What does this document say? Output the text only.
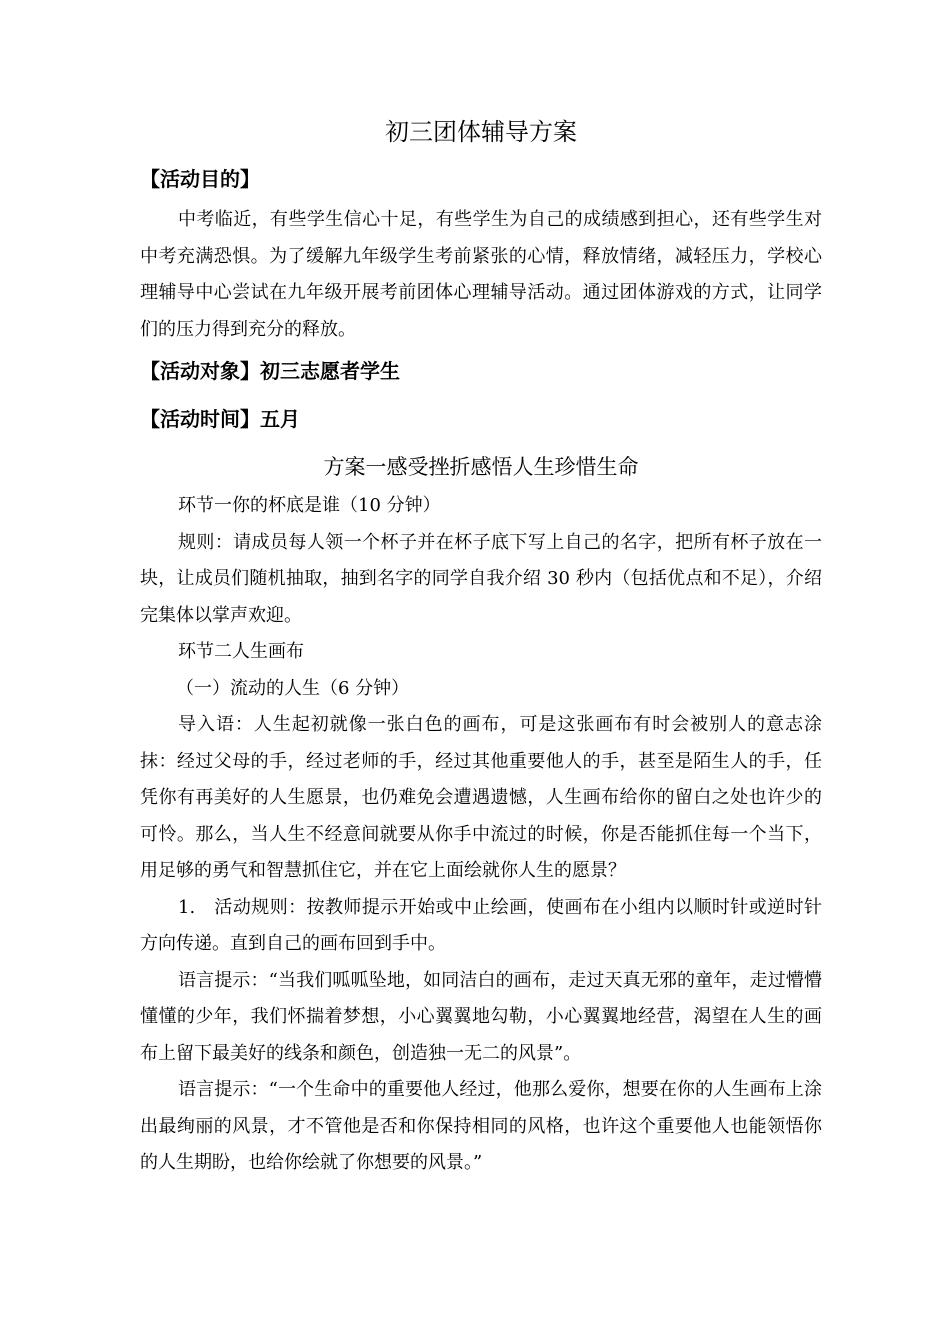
初三团体辅导方案

【活动目的】

中考临近，有些学生信心十足，有些学生为自己的成绩感到担心，还有些学生对中考充满恐惧。为了缓解九年级学生考前紧张的心情，释放情绪，减轻压力，学校心理辅导中心尝试在九年级开展考前团体心理辅导活动。通过团体游戏的方式，让同学们的压力得到充分的释放。

【活动对象】初三志愿者学生

【活动时间】五月

方案一感受挫折感悟人生珍惜生命

环节一你的杯底是谁（10 分钟）

规则：请成员每人领一个杯子并在杯子底下写上自己的名字，把所有杯子放在一块，让成员们随机抽取，抽到名字的同学自我介绍 30 秒内（包括优点和不足），介绍完集体以掌声欢迎。

环节二人生画布

（一）流动的人生（6 分钟）

导入语：人生起初就像一张白色的画布，可是这张画布有时会被别人的意志涂抹：经过父母的手，经过老师的手，经过其他重要他人的手，甚至是陌生人的手，任凭你有再美好的人生愿景，也仍难免会遭遇遗憾，人生画布给你的留白之处也许少的可怜。那么，当人生不经意间就要从你手中流过的时候，你是否能抓住每一个当下，用足够的勇气和智慧抓住它，并在它上面绘就你人生的愿景？

1. 活动规则：按教师提示开始或中止绘画，使画布在小组内以顺时针或逆时针方向传递。直到自己的画布回到手中。

语言提示：“当我们呱呱坠地，如同洁白的画布，走过天真无邪的童年，走过懵懵懂懂的少年，我们怀揣着梦想，小心翼翼地勾勒，小心翼翼地经营，渴望在人生的画布上留下最美好的线条和颜色，创造独一无二的风景”。

语言提示：“一个生命中的重要他人经过，他那么爱你，想要在你的人生画布上涂出最绚丽的风景，才不管他是否和你保持相同的风格，也许这个重要他人也能领悟你的人生期盼，也给你绘就了你想要的风景。”
